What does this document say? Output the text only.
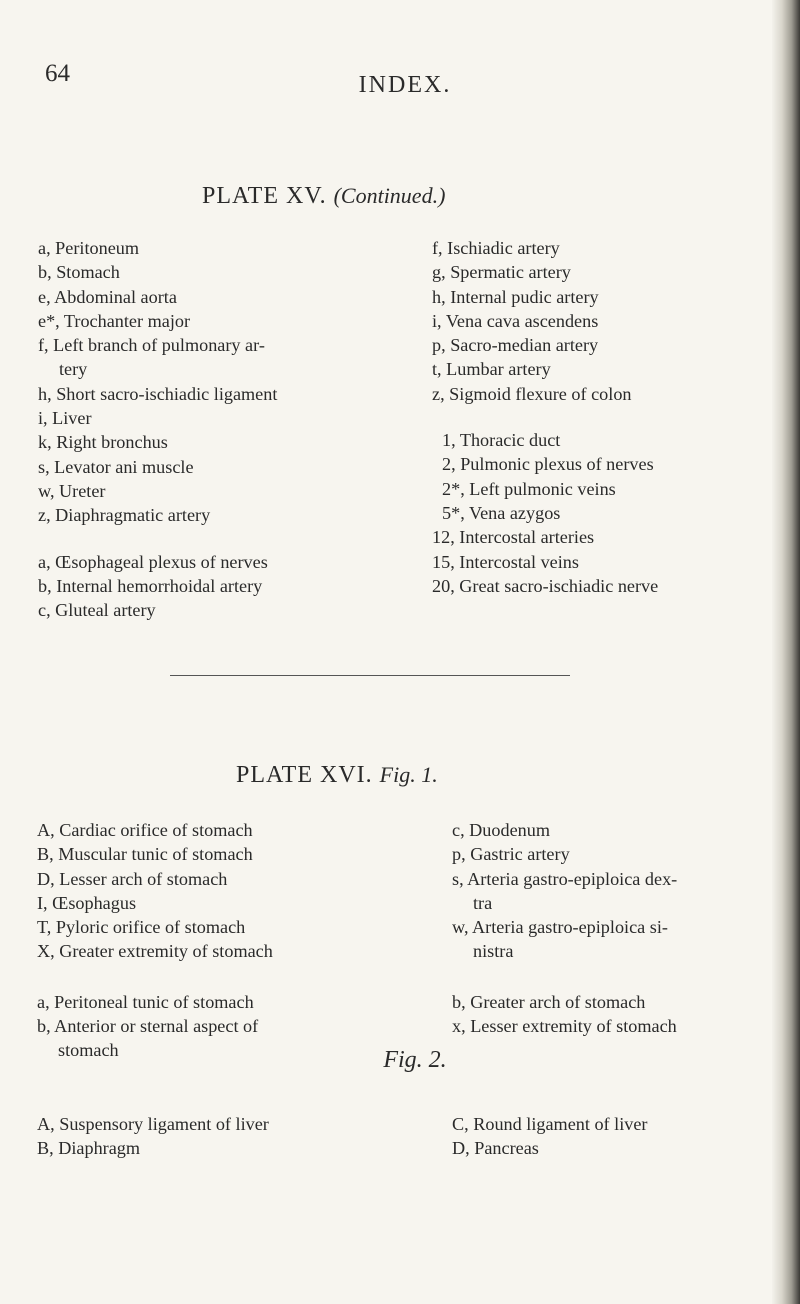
64	INDEX.
PLATE XV. (Continued.)
a, Peritoneum
b, Stomach
e, Abdominal aorta
e*, Trochanter major
f, Left branch of pulmonary ar-
tery
h, Short sacro-ischiadic ligament
i, Liver
k, Right bronchus
s, Levator ani muscle
w, Ureter
z, Diaphragmatic artery
a, Œsophageal plexus of nerves
b, Internal hemorrhoidal artery
c, Gluteal artery
f, Ischiadic artery
g, Spermatic artery
h, Internal pudic artery
i, Vena cava ascendens
p, Sacro-median artery
t, Lumbar artery
z, Sigmoid flexure of colon
1, Thoracic duct
2, Pulmonic plexus of nerves
2*, Left pulmonic veins
5*, Vena azygos
12, Intercostal arteries
15, Intercostal veins
20, Great sacro-ischiadic nerve
PLATE XVI. Fig. 1.
A, Cardiac orifice of stomach
B, Muscular tunic of stomach
D, Lesser arch of stomach
I, Œsophagus
T, Pyloric orifice of stomach
X, Greater extremity of stomach
a, Peritoneal tunic of stomach
b, Anterior or sternal aspect of
stomach
c, Duodenum
p, Gastric artery
s, Arteria gastro-epiploica dex-
tra
w, Arteria gastro-epiploica si-
nistra
b, Greater arch of stomach
x, Lesser extremity of stomach
Fig. 2.
A, Suspensory ligament of liver
B, Diaphragm
C, Round ligament of liver
D, Pancreas
